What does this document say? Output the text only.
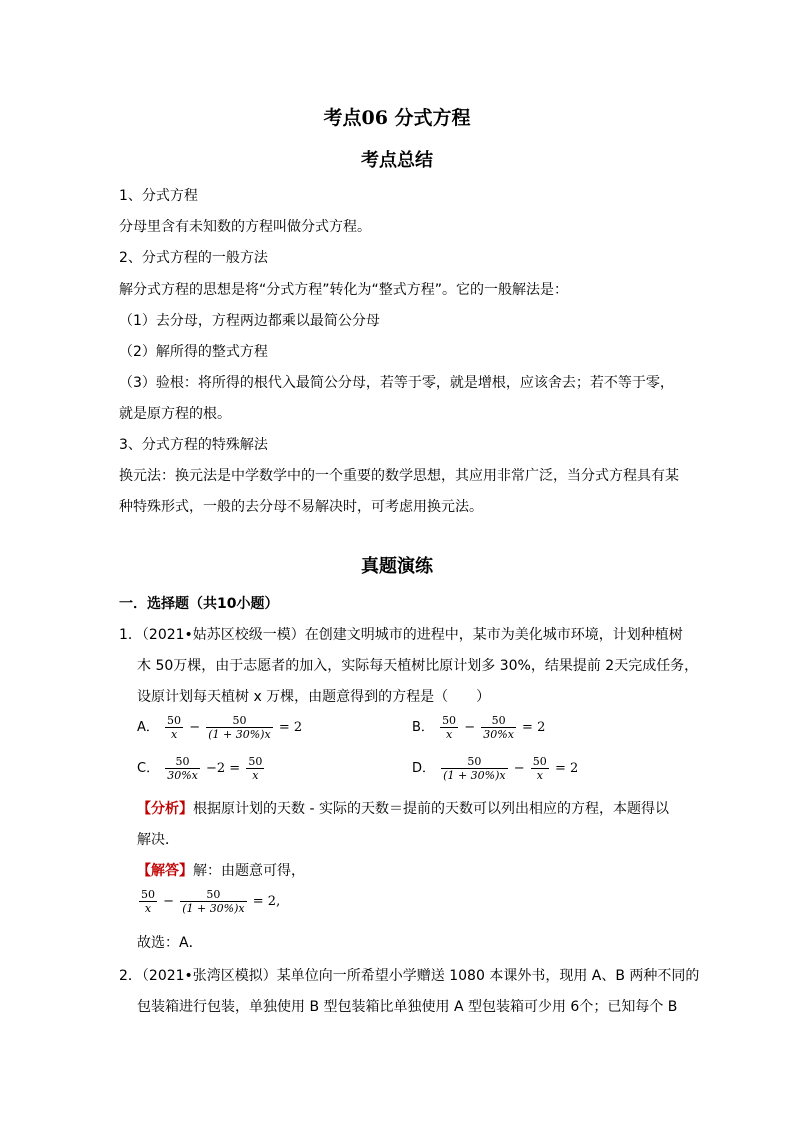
考点06 分式方程
考点总结
1、分式方程
分母里含有未知数的方程叫做分式方程。
2、分式方程的一般方法
解分式方程的思想是将“分式方程”转化为“整式方程”。它的一般解法是：
（1）去分母，方程两边都乘以最简公分母
（2）解所得的整式方程
（3）验根：将所得的根代入最简公分母，若等于零，就是增根，应该舍去；若不等于零，
就是原方程的根。
3、分式方程的特殊解法
换元法：换元法是中学数学中的一个重要的数学思想，其应用非常广泛，当分式方程具有某
种特殊形式，一般的去分母不易解决时，可考虑用换元法。
真题演练
一．选择题（共10小题）
1．（2021•姑苏区校级一模）在创建文明城市的进程中，某市为美化城市环境，计划种植树
木 50万棵，由于志愿者的加入，实际每天植树比原计划多 30%，结果提前 2天完成任务，
设原计划每天植树 x 万棵，由题意得到的方程是（　　）
A． $\frac{50}{x} - \frac{50}{(1 + 30\%)x} = 2$	B． $\frac{50}{x} - \frac{50}{30\%x} = 2$
C． $\frac{50}{30\%x} -2 = \frac{50}{x}$	D． $\frac{50}{(1 + 30\%)x} - \frac{50}{x} = 2$
【分析】根据原计划的天数 - 实际的天数＝提前的天数可以列出相应的方程，本题得以
解决．
【解答】解：由题意可得，
$\frac{50}{x} - \frac{50}{(1 + 30\%)x} = 2$,
故选：A．
2．（2021•张湾区模拟）某单位向一所希望小学赠送 1080 本课外书，现用 A、B 两种不同的
包装箱进行包装，单独使用 B 型包装箱比单独使用 A 型包装箱可少用 6个；已知每个 B
